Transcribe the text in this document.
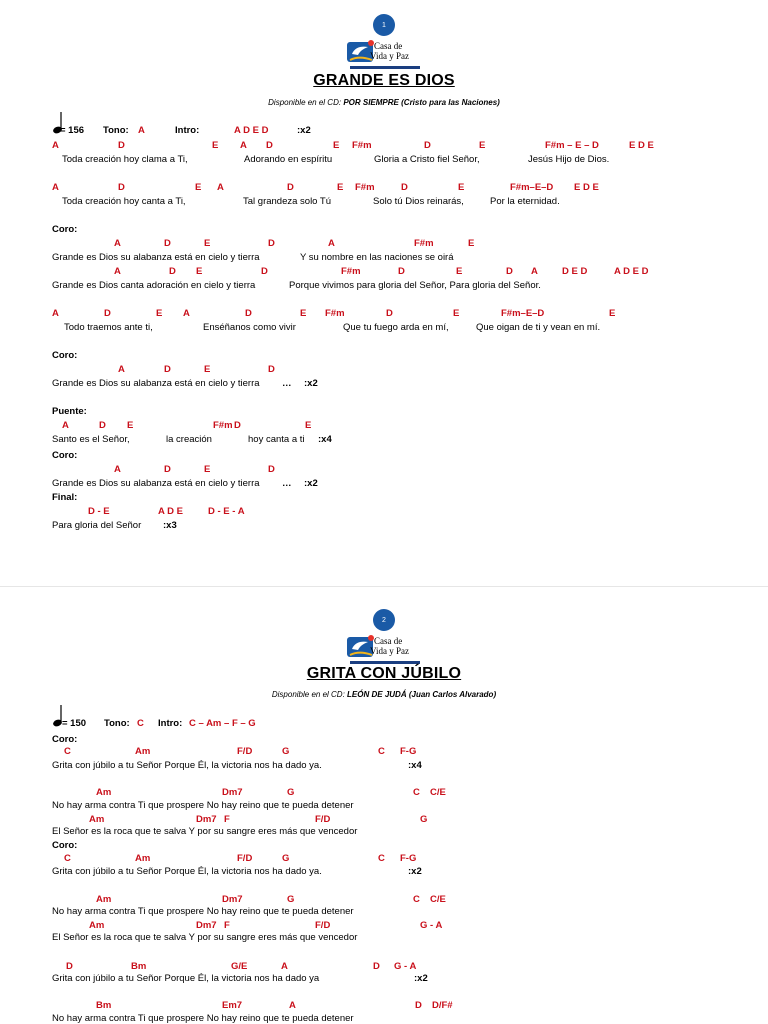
1
Casa de
Vida y Paz
GRANDE ES DIOS
Disponible en el CD: POR SIEMPRE (Cristo para las Naciones)
= 156 Tono: A	Intro:	A D E D	:x2
A	D	E A D	E F#m	D	E	F#m – E – D	E D E
Toda creación hoy clama a Ti,	Adorando en espíritu	Gloria a Cristo fiel Señor,	Jesús Hijo de Dios.
A	D	E A	D	E F#m	D	E	F#m–E–D E D E
Toda creación hoy canta a Ti,	Tal grandeza solo Tú	Solo tú Dios reinarás,	Por la eternidad.
Coro:
A	D	E	D	A	F#m	E
Grande es Dios su alabanza está en cielo y tierra	Y su nombre en las naciones se oirá
A	D E	D	F#m	D	E	D A	D E D	A D E D
Grande es Dios canta adoración en cielo y tierra	Porque vivimos para gloria del Señor, Para gloria del Señor.
A	D	E A	D	E F#m	D	E	F#m–E–D	E
Todo traemos ante ti,	Enséñanos como vivir	Que tu fuego arda en mí,	Que oigan de ti y vean en mí.
Coro:
A	D	E	D
Grande es Dios su alabanza está en cielo y tierra … :x2
Puente:
A	D E	F#m D	E
Santo es el Señor,	la creación	hoy canta a ti :x4
Coro:
A	D	E	D
Grande es Dios su alabanza está en cielo y tierra … :x2
Final:
D - E	A D E	D - E - A
Para gloria del Señor :x3
2
Casa de
Vida y Paz
GRITA CON JÚBILO
Disponible en el CD: LEÓN DE JUDÁ (Juan Carlos Alvarado)
= 150 Tono: C Intro: C – Am – F – G
Coro:
C	Am	F/D	G	C F-G
Grita con júbilo a tu Señor Porque Él, la victoria nos ha dado ya.	:x4
Am	Dm7	G	C C/E
No hay arma contra Ti que prospere No hay reino que te pueda detener
Am	Dm7 F	F/D	G
El Señor es la roca que te salva Y por su sangre eres más que vencedor
Coro:
C	Am	F/D	G	C F-G
Grita con júbilo a tu Señor Porque Él, la victoria nos ha dado ya.	:x2
Am	Dm7	G	C C/E
No hay arma contra Ti que prospere No hay reino que te pueda detener
Am	Dm7 F	F/D	G - A
El Señor es la roca que te salva Y por su sangre eres más que vencedor
D	Bm	G/E	A	D G - A
Grita con júbilo a tu Señor Porque Él, la victoria nos ha dado ya	:x2
Bm	Em7	A	D D/F#
No hay arma contra Ti que prospere No hay reino que te pueda detener
